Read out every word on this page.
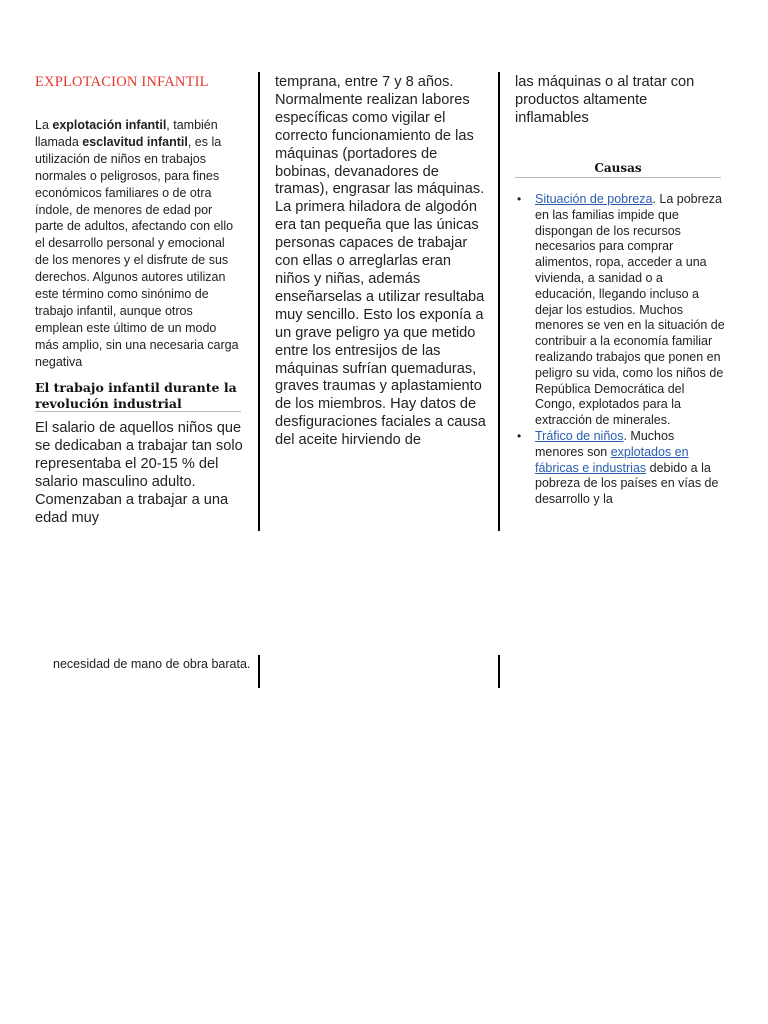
EXPLOTACION INFANTIL
La explotación infantil, también llamada esclavitud infantil, es la utilización de niños en trabajos normales o peligrosos, para fines económicos familiares o de otra índole, de menores de edad por parte de adultos, afectando con ello el desarrollo personal y emocional de los menores y el disfrute de sus derechos. Algunos autores utilizan este término como sinónimo de trabajo infantil, aunque otros emplean este último de un modo más amplio, sin una necesaria carga negativa
El trabajo infantil durante la revolución industrial
El salario de aquellos niños que se dedicaban a trabajar tan solo representaba el 20-15 % del salario masculino adulto. Comenzaban a trabajar a una edad muy
necesidad de mano de obra barata.
temprana, entre 7 y 8 años. Normalmente realizan labores específicas como vigilar el correcto funcionamiento de las máquinas (portadores de bobinas, devanadores de tramas), engrasar las máquinas. La primera hiladora de algodón era tan pequeña que las únicas personas capaces de trabajar con ellas o arreglarlas eran niños y niñas, además enseñarselas a utilizar resultaba muy sencillo. Esto los exponía a un grave peligro ya que metido entre los entresijos de las máquinas sufrían quemaduras, graves traumas y aplastamiento de los miembros. Hay datos de desfiguraciones faciales a causa del aceite hirviendo de
las máquinas o al tratar con productos altamente inflamables
Causas
• Situación de pobreza. La pobreza en las familias impide que dispongan de los recursos necesarios para comprar alimentos, ropa, acceder a una vivienda, a sanidad o a educación, llegando incluso a dejar los estudios. Muchos menores se ven en la situación de contribuir a la economía familiar realizando trabajos que ponen en peligro su vida, como los niños de República Democrática del Congo, explotados para la extracción de minerales.
• Tráfico de niños. Muchos menores son explotados en fábricas e industrias debido a la pobreza de los países en vías de desarrollo y la
